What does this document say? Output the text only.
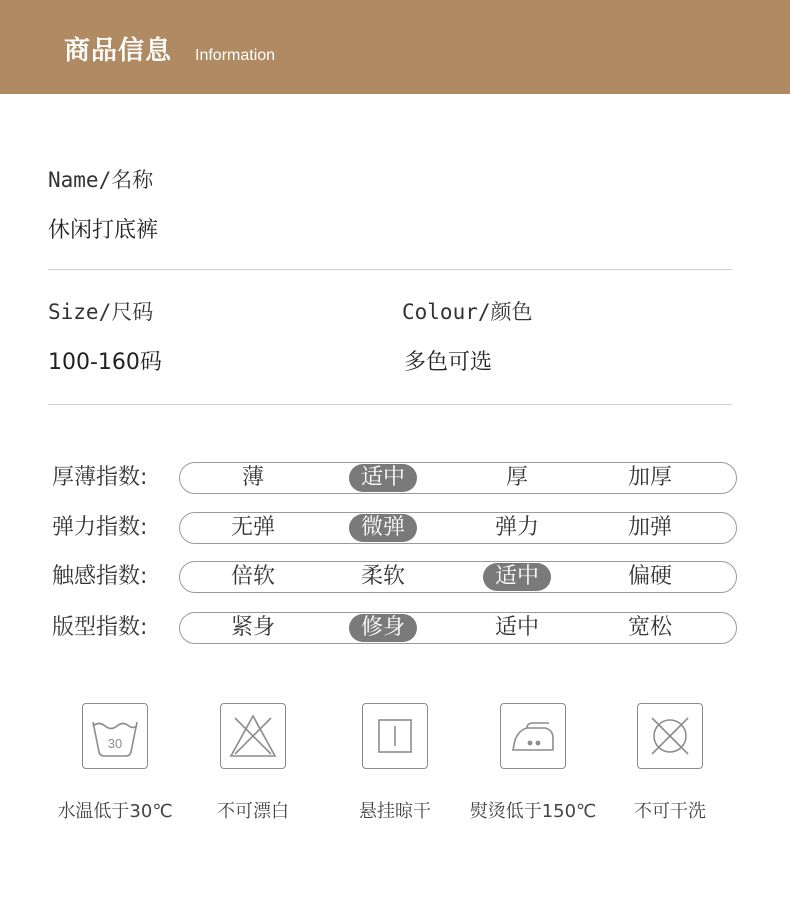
商品信息 Information
Name/名称
休闲打底裤
Size/尺码
100-160码
Colour/颜色
多色可选
厚薄指数:	薄	适中	厚	加厚
弹力指数:	无弹	微弹	弹力	加弹
触感指数:	倍软	柔软	适中	偏硬
版型指数:	紧身	修身	适中	宽松
30
水温低于30℃	不可漂白	悬挂晾干	熨烫低于150℃	不可干洗
